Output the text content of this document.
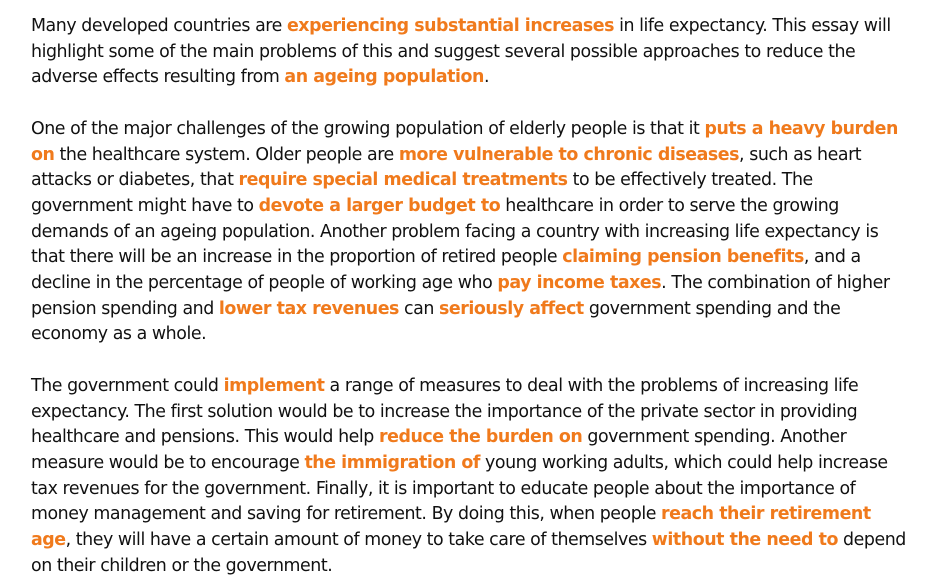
Many developed countries are experiencing substantial increases in life expectancy. This essay will highlight some of the main problems of this and suggest several possible approaches to reduce the adverse effects resulting from an ageing population.

One of the major challenges of the growing population of elderly people is that it puts a heavy burden on the healthcare system. Older people are more vulnerable to chronic diseases, such as heart attacks or diabetes, that require special medical treatments to be effectively treated. The government might have to devote a larger budget to healthcare in order to serve the growing demands of an ageing population. Another problem facing a country with increasing life expectancy is that there will be an increase in the proportion of retired people claiming pension benefits, and a decline in the percentage of people of working age who pay income taxes. The combination of higher pension spending and lower tax revenues can seriously affect government spending and the economy as a whole.

The government could implement a range of measures to deal with the problems of increasing life expectancy. The first solution would be to increase the importance of the private sector in providing healthcare and pensions. This would help reduce the burden on government spending. Another measure would be to encourage the immigration of young working adults, which could help increase tax revenues for the government. Finally, it is important to educate people about the importance of money management and saving for retirement. By doing this, when people reach their retirement age, they will have a certain amount of money to take care of themselves without the need to depend on their children or the government.
